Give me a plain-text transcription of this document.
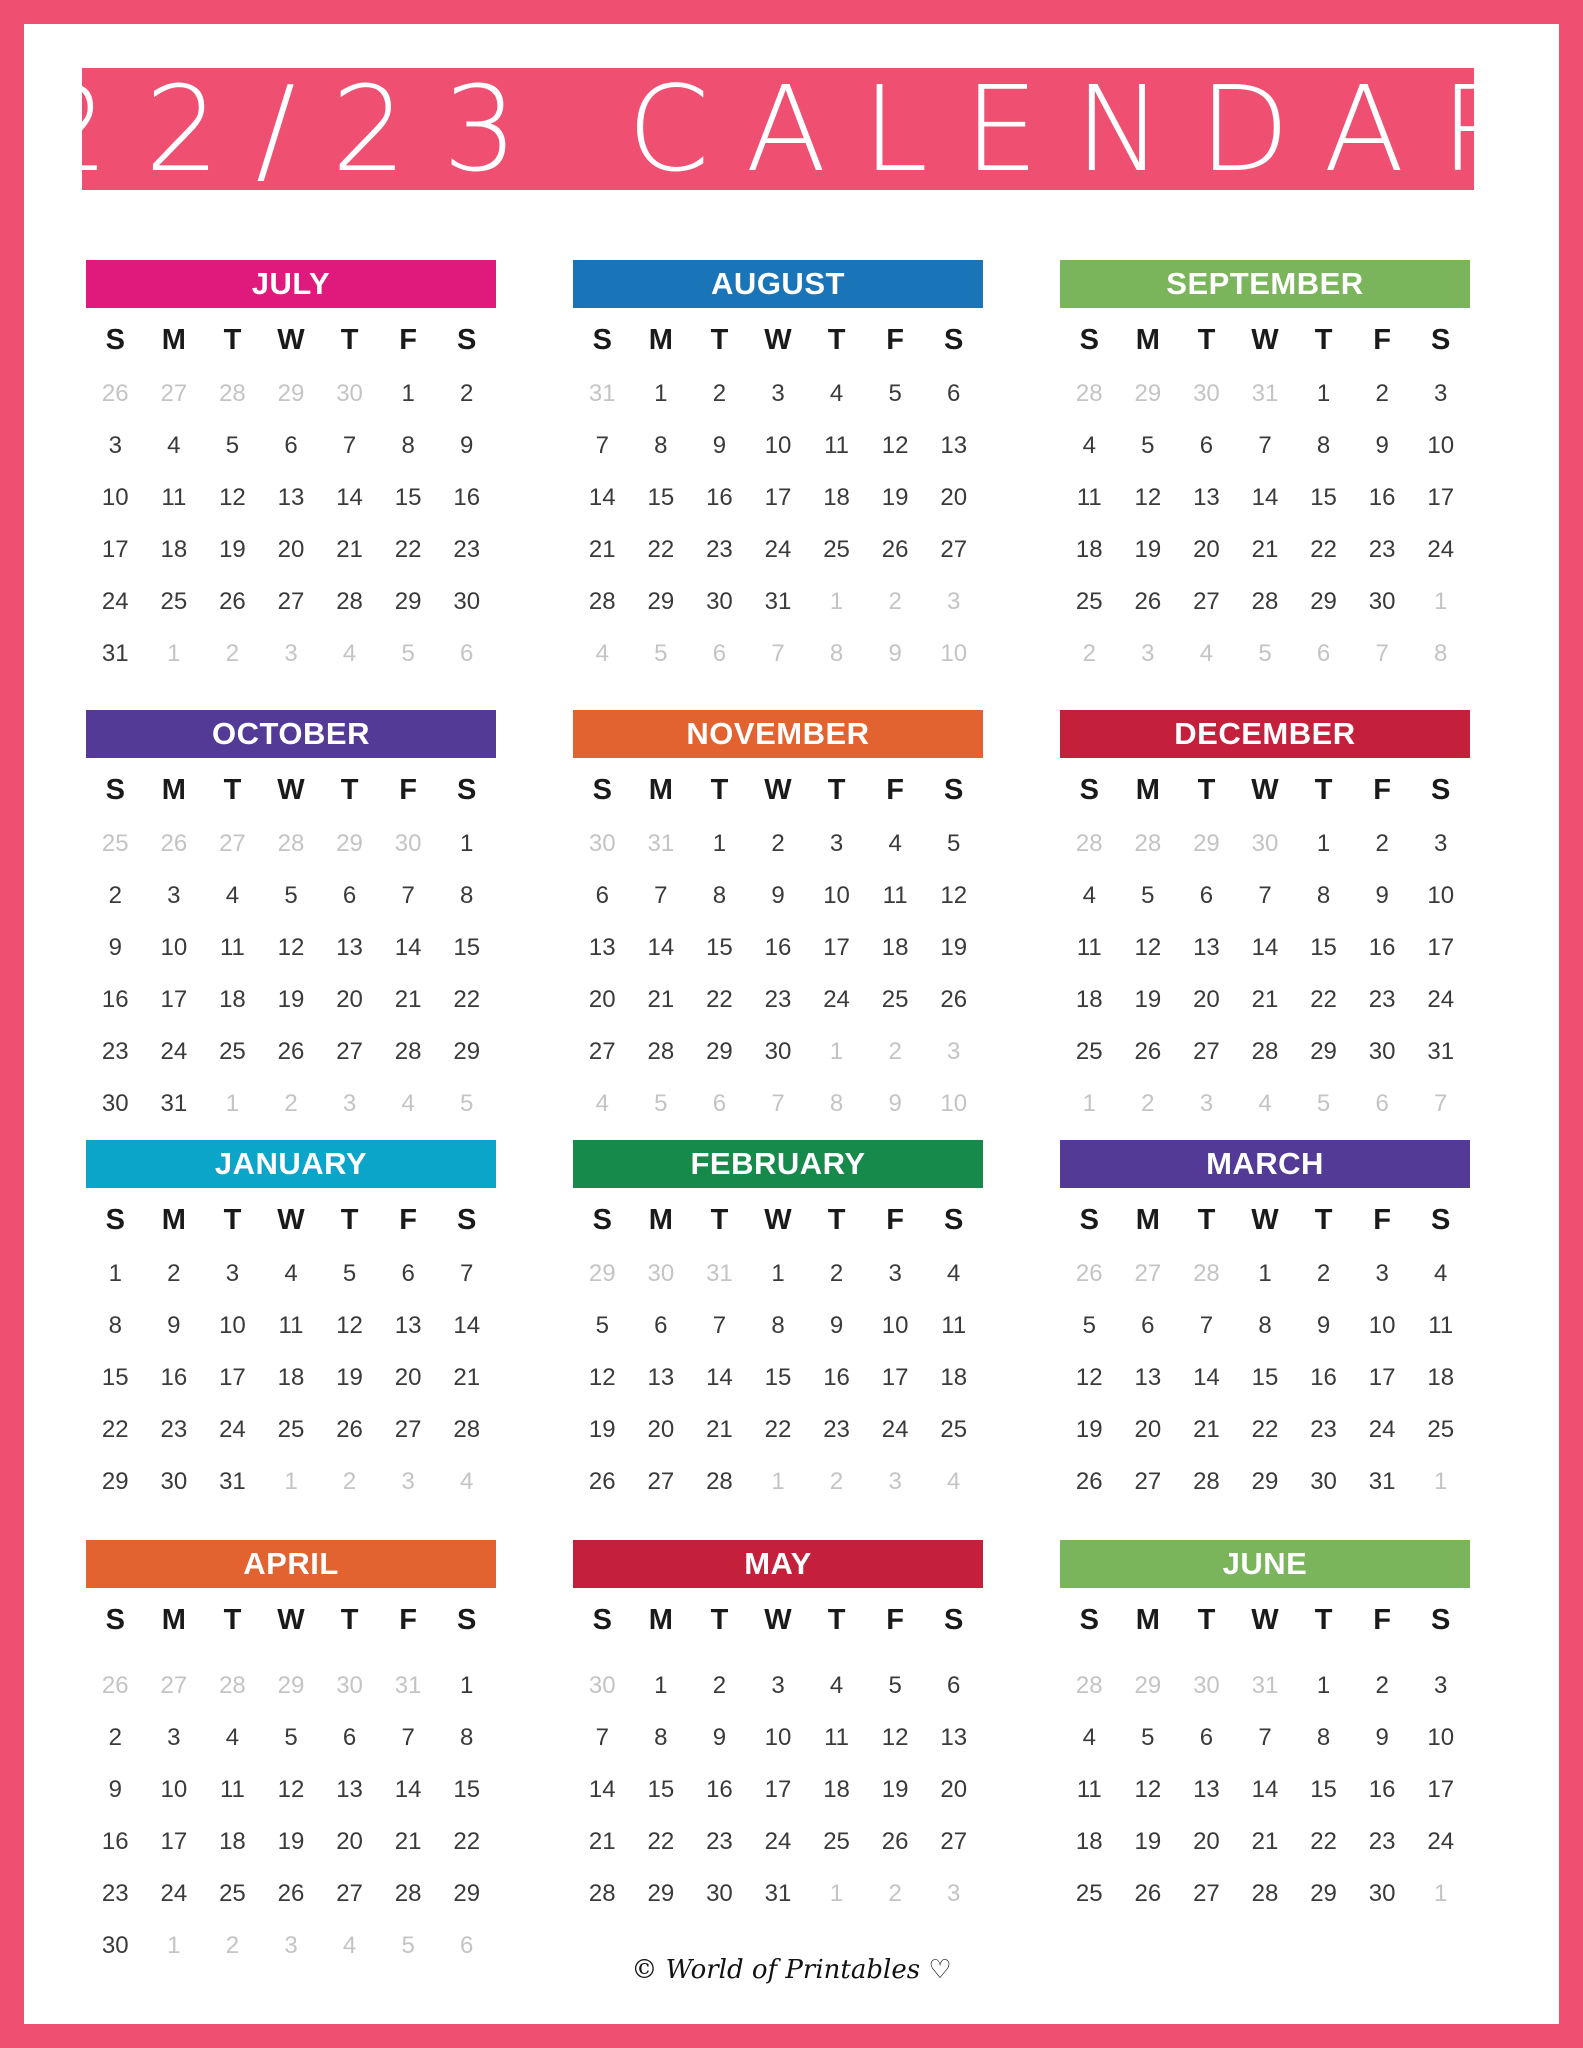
22/23 CALENDAR
JULY
S	M	T	W	T	F	S
26	27	28	29	30	1	2
3	4	5	6	7	8	9
10	11	12	13	14	15	16
17	18	19	20	21	22	23
24	25	26	27	28	29	30
31	1	2	3	4	5	6
AUGUST
S	M	T	W	T	F	S
31	1	2	3	4	5	6
7	8	9	10	11	12	13
14	15	16	17	18	19	20
21	22	23	24	25	26	27
28	29	30	31	1	2	3
4	5	6	7	8	9	10
SEPTEMBER
S	M	T	W	T	F	S
28	29	30	31	1	2	3
4	5	6	7	8	9	10
11	12	13	14	15	16	17
18	19	20	21	22	23	24
25	26	27	28	29	30	1
2	3	4	5	6	7	8
OCTOBER
S	M	T	W	T	F	S
25	26	27	28	29	30	1
2	3	4	5	6	7	8
9	10	11	12	13	14	15
16	17	18	19	20	21	22
23	24	25	26	27	28	29
30	31	1	2	3	4	5
NOVEMBER
S	M	T	W	T	F	S
30	31	1	2	3	4	5
6	7	8	9	10	11	12
13	14	15	16	17	18	19
20	21	22	23	24	25	26
27	28	29	30	1	2	3
4	5	6	7	8	9	10
DECEMBER
S	M	T	W	T	F	S
28	28	29	30	1	2	3
4	5	6	7	8	9	10
11	12	13	14	15	16	17
18	19	20	21	22	23	24
25	26	27	28	29	30	31
1	2	3	4	5	6	7
JANUARY
S	M	T	W	T	F	S
1	2	3	4	5	6	7
8	9	10	11	12	13	14
15	16	17	18	19	20	21
22	23	24	25	26	27	28
29	30	31	1	2	3	4
FEBRUARY
S	M	T	W	T	F	S
29	30	31	1	2	3	4
5	6	7	8	9	10	11
12	13	14	15	16	17	18
19	20	21	22	23	24	25
26	27	28	1	2	3	4
MARCH
S	M	T	W	T	F	S
26	27	28	1	2	3	4
5	6	7	8	9	10	11
12	13	14	15	16	17	18
19	20	21	22	23	24	25
26	27	28	29	30	31	1
APRIL
S	M	T	W	T	F	S
26	27	28	29	30	31	1
2	3	4	5	6	7	8
9	10	11	12	13	14	15
16	17	18	19	20	21	22
23	24	25	26	27	28	29
30	1	2	3	4	5	6
MAY
S	M	T	W	T	F	S
30	1	2	3	4	5	6
7	8	9	10	11	12	13
14	15	16	17	18	19	20
21	22	23	24	25	26	27
28	29	30	31	1	2	3
JUNE
S	M	T	W	T	F	S
28	29	30	31	1	2	3
4	5	6	7	8	9	10
11	12	13	14	15	16	17
18	19	20	21	22	23	24
25	26	27	28	29	30	1
© World of Printables ♡
